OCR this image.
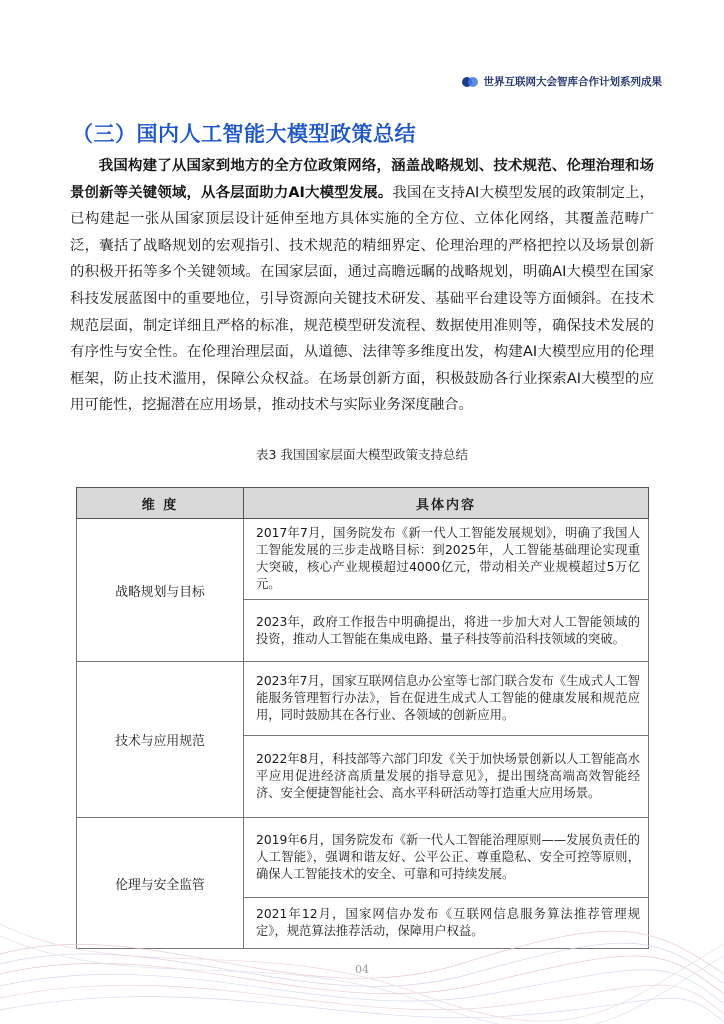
世界互联网大会智库合作计划系列成果
（三）国内人工智能大模型政策总结
我国构建了从国家到地方的全方位政策网络，涵盖战略规划、技术规范、伦理治理和场景创新等关键领域，从各层面助力AI大模型发展。我国在支持AI大模型发展的政策制定上，已构建起一张从国家顶层设计延伸至地方具体实施的全方位、立体化网络，其覆盖范畴广泛，囊括了战略规划的宏观指引、技术规范的精细界定、伦理治理的严格把控以及场景创新的积极开拓等多个关键领域。在国家层面，通过高瞻远瞩的战略规划，明确AI大模型在国家科技发展蓝图中的重要地位，引导资源向关键技术研发、基础平台建设等方面倾斜。在技术规范层面，制定详细且严格的标准，规范模型研发流程、数据使用准则等，确保技术发展的有序性与安全性。在伦理治理层面，从道德、法律等多维度出发，构建AI大模型应用的伦理框架，防止技术滥用，保障公众权益。在场景创新方面，积极鼓励各行业探索AI大模型的应用可能性，挖掘潜在应用场景，推动技术与实际业务深度融合。
表3 我国国家层面大模型政策支持总结
维 度	具体内容
战略规划与目标	2017年7月，国务院发布《新一代人工智能发展规划》，明确了我国人工智能发展的三步走战略目标：到2025年，人工智能基础理论实现重大突破，核心产业规模超过4000亿元，带动相关产业规模超过5万亿元。
	2023年，政府工作报告中明确提出，将进一步加大对人工智能领域的投资，推动人工智能在集成电路、量子科技等前沿科技领域的突破。
技术与应用规范	2023年7月，国家互联网信息办公室等七部门联合发布《生成式人工智能服务管理暂行办法》，旨在促进生成式人工智能的健康发展和规范应用，同时鼓励其在各行业、各领域的创新应用。
	2022年8月，科技部等六部门印发《关于加快场景创新以人工智能高水平应用促进经济高质量发展的指导意见》，提出围绕高端高效智能经济、安全便捷智能社会、高水平科研活动等打造重大应用场景。
伦理与安全监管	2019年6月，国务院发布《新一代人工智能治理原则——发展负责任的人工智能》，强调和谐友好、公平公正、尊重隐私、安全可控等原则，确保人工智能技术的安全、可靠和可持续发展。
	2021年12月，国家网信办发布《互联网信息服务算法推荐管理规定》，规范算法推荐活动，保障用户权益。
04
